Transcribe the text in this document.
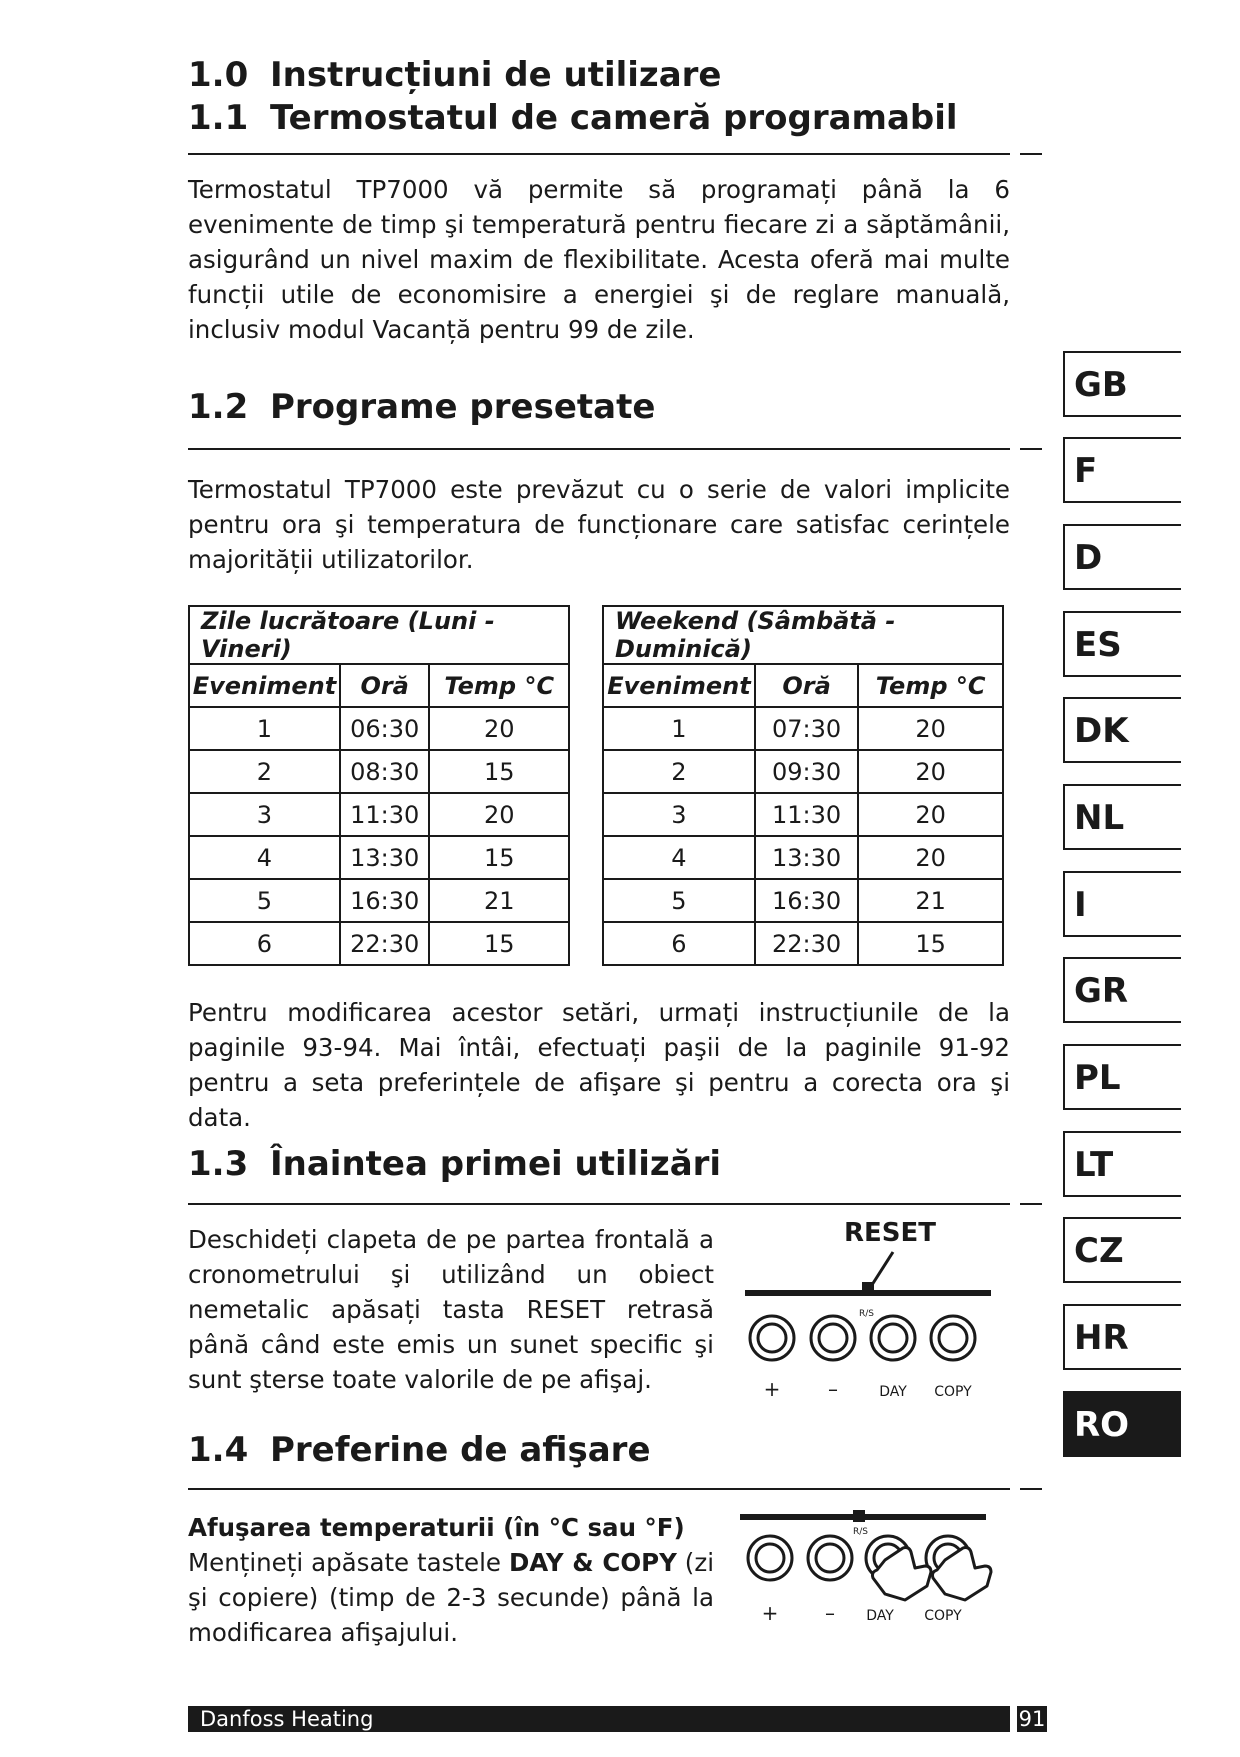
1.0 Instrucțiuni de utilizare
1.1 Termostatul de cameră programabil
Termostatul TP7000 vă permite să programați până la 6 evenimente de timp şi temperatură pentru fiecare zi a săptămânii, asigurând un nivel maxim de flexibilitate. Acesta oferă mai multe funcții utile de economisire a energiei şi de reglare manuală, inclusiv modul Vacanță pentru 99 de zile.
1.2 Programe presetate
Termostatul TP7000 este prevăzut cu o serie de valori implicite pentru ora şi temperatura de funcționare care satisfac cerințele majorității utilizatorilor.
Zile lucrătoare (Luni - Vineri)		
Eveniment	Oră	Temp °C
1	06:30	20
2	08:30	15
3	11:30	20
4	13:30	15
5	16:30	21
6	22:30	15
Weekend (Sâmbătă - Duminică)		
Eveniment	Oră	Temp °C
1	07:30	20
2	09:30	20
3	11:30	20
4	13:30	20
5	16:30	21
6	22:30	15
Pentru modificarea acestor setări, urmați instrucțiunile de la paginile 93-94. Mai întâi, efectuați paşii de la paginile 91-92 pentru a seta preferințele de afişare şi pentru a corecta ora şi data.
1.3 Înaintea primei utilizări
Deschideți clapeta de pe partea frontală a cronometrului şi utilizând un obiect nemetalic apăsați tasta RESET retrasă până când este emis un sunet specific şi sunt şterse toate valorile de pe afişaj.
RESET
R/S
+ –	DAY COPY
1.4 Preferine de afişare

Afuşarea temperaturii (în °C sau °F)

Mențineți apăsate tastele DAY & COPY (zi şi copiere) (timp de 2-3 secunde) până la modificarea afişajului.

R/S
+ – DAY COPY
GB
F
D
ES
DK
NL
I
GR
PL
LT
CZ
HR
RO
Danfoss Heating	91
